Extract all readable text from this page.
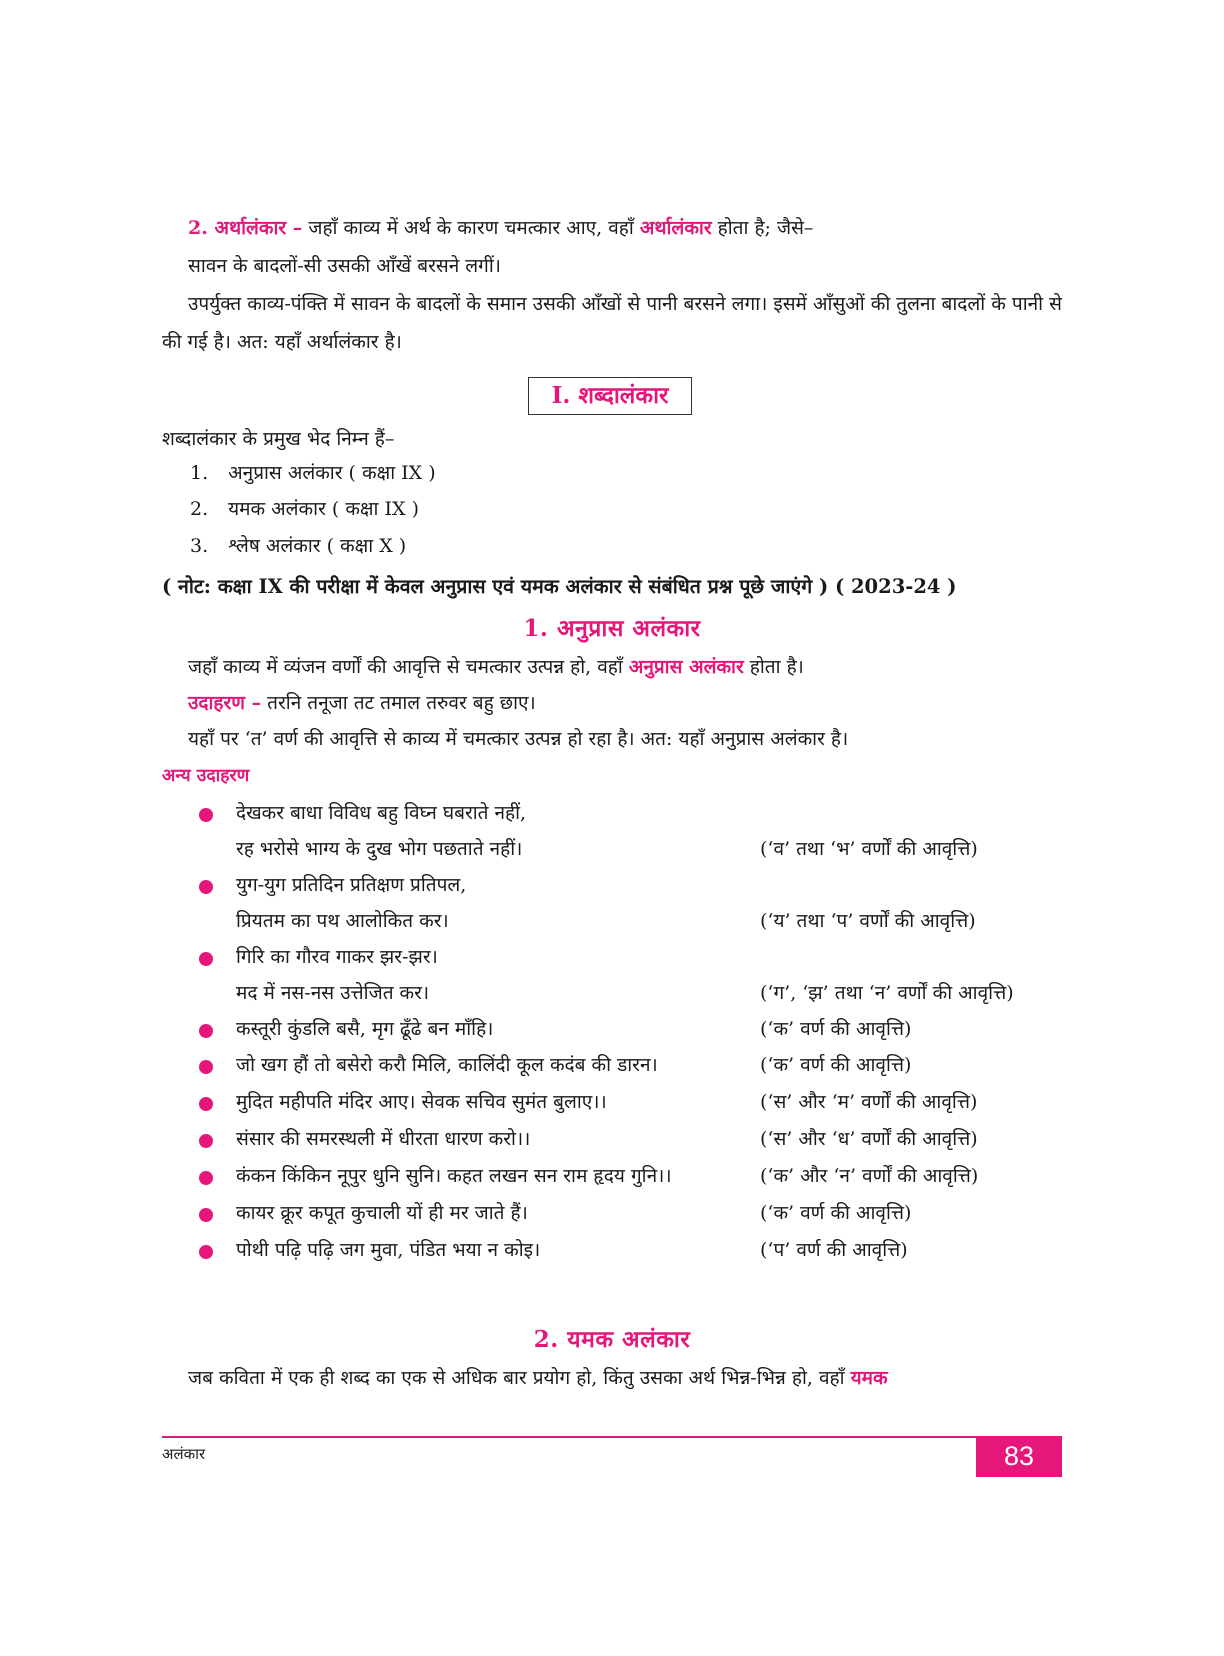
2. अर्थालंकार – जहाँ काव्य में अर्थ के कारण चमत्कार आए, वहाँ अर्थालंकार होता है; जैसे–
सावन के बादलों-सी उसकी आँखें बरसने लगीं।
उपर्युक्त काव्य-पंक्ति में सावन के बादलों के समान उसकी आँखों से पानी बरसने लगा। इसमें आँसुओं की तुलना बादलों के पानी से की गई है। अत: यहाँ अर्थालंकार है।
I. शब्दालंकार
शब्दालंकार के प्रमुख भेद निम्न हैं–
1. अनुप्रास अलंकार ( कक्षा IX )
2. यमक अलंकार ( कक्षा IX )
3. श्लेष अलंकार ( कक्षा X )
( नोट: कक्षा IX की परीक्षा में केवल अनुप्रास एवं यमक अलंकार से संबंधित प्रश्न पूछे जाएंगे ) ( 2023-24 )
1. अनुप्रास अलंकार
जहाँ काव्य में व्यंजन वर्णों की आवृत्ति से चमत्कार उत्पन्न हो, वहाँ अनुप्रास अलंकार होता है।
उदाहरण – तरनि तनूजा तट तमाल तरुवर बहु छाए।
यहाँ पर ‘त’ वर्ण की आवृत्ति से काव्य में चमत्कार उत्पन्न हो रहा है। अत: यहाँ अनुप्रास अलंकार है।
अन्य उदाहरण
देखकर बाधा विविध बहु विघ्न घबराते नहीं,
रह भरोसे भाग्य के दुख भोग पछताते नहीं।	(‘व’ तथा ‘भ’ वर्णों की आवृत्ति)
युग-युग प्रतिदिन प्रतिक्षण प्रतिपल,
प्रियतम का पथ आलोकित कर।	(‘य’ तथा ‘प’ वर्णों की आवृत्ति)
गिरि का गौरव गाकर झर-झर।
मद में नस-नस उत्तेजित कर।	(‘ग’, ‘झ’ तथा ‘न’ वर्णों की आवृत्ति)
कस्तूरी कुंडलि बसै, मृग ढूँढे बन माँहि।	(‘क’ वर्ण की आवृत्ति)
जो खग हौं तो बसेरो करौ मिलि, कालिंदी कूल कदंब की डारन।	(‘क’ वर्ण की आवृत्ति)
मुदित महीपति मंदिर आए। सेवक सचिव सुमंत बुलाए।।	(‘स’ और ‘म’ वर्णों की आवृत्ति)
संसार की समरस्थली में धीरता धारण करो।।	(‘स’ और ‘ध’ वर्णों की आवृत्ति)
कंकन किंकिन नूपुर धुनि सुनि। कहत लखन सन राम हृदय गुनि।।	(‘क’ और ‘न’ वर्णों की आवृत्ति)
कायर क्रूर कपूत कुचाली यों ही मर जाते हैं।	(‘क’ वर्ण की आवृत्ति)
पोथी पढ़ि पढ़ि जग मुवा, पंडित भया न कोइ।	(‘प’ वर्ण की आवृत्ति)
2. यमक अलंकार
जब कविता में एक ही शब्द का एक से अधिक बार प्रयोग हो, किंतु उसका अर्थ भिन्न-भिन्न हो, वहाँ यमक
अलंकार	83
